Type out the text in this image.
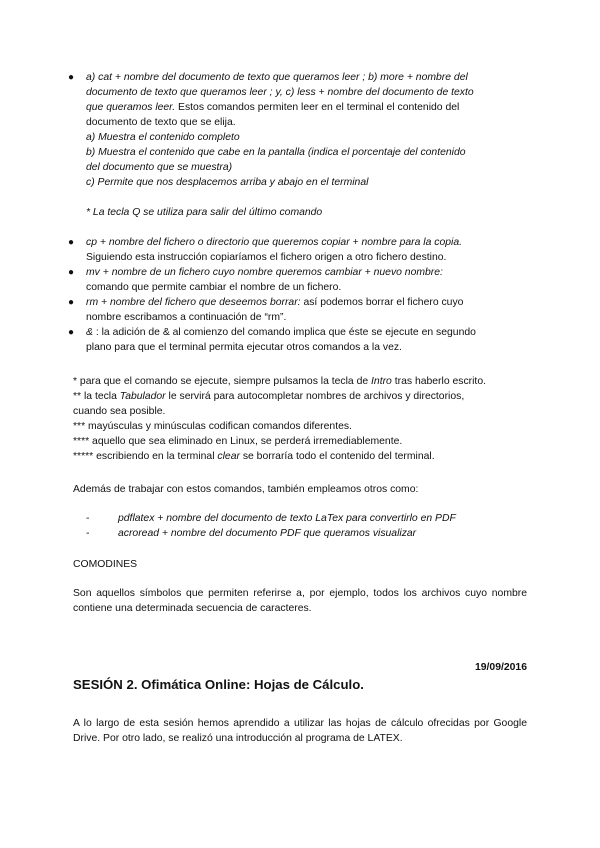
● a) cat + nombre del documento de texto que queramos leer ; b) more + nombre del
documento de texto que queramos leer ; y, c) less + nombre del documento de texto
que queramos leer. Estos comandos permiten leer en el terminal el contenido del
documento de texto que se elija.
a) Muestra el contenido completo
b) Muestra el contenido que cabe en la pantalla (indica el porcentaje del contenido
del documento que se muestra)
c) Permite que nos desplacemos arriba y abajo en el terminal
* La tecla Q se utiliza para salir del último comando
● cp + nombre del fichero o directorio que queremos copiar + nombre para la copia.
Siguiendo esta instrucción copiaríamos el fichero origen a otro fichero destino.
● mv + nombre de un fichero cuyo nombre queremos cambiar + nuevo nombre:
comando que permite cambiar el nombre de un fichero.
● rm + nombre del fichero que deseemos borrar: así podemos borrar el fichero cuyo
nombre escribamos a continuación de “rm”.
● & : la adición de & al comienzo del comando implica que éste se ejecute en segundo
plano para que el terminal permita ejecutar otros comandos a la vez.

* para que el comando se ejecute, siempre pulsamos la tecla de Intro tras haberlo escrito.

** la tecla Tabulador le servirá para autocompletar nombres de archivos y directorios,

cuando sea posible.

*** mayúsculas y minúsculas codifican comandos diferentes.

**** aquello que sea eliminado en Linux, se perderá irremediablemente.

***** escribiendo en la terminal clear se borraría todo el contenido del terminal.

Además de trabajar con estos comandos, también empleamos otros como:
-	pdflatex + nombre del documento de texto LaTex para convertirlo en PDF
-	acroread + nombre del documento PDF que queramos visualizar
COMODINES
Son aquellos símbolos que permiten referirse a, por ejemplo, todos los archivos cuyo nombre contiene una determinada secuencia de caracteres.
19/09/2016
SESIÓN 2. Ofimática Online: Hojas de Cálculo.
A lo largo de esta sesión hemos aprendido a utilizar las hojas de cálculo ofrecidas por Google Drive. Por otro lado, se realizó una introducción al programa de LATEX.
